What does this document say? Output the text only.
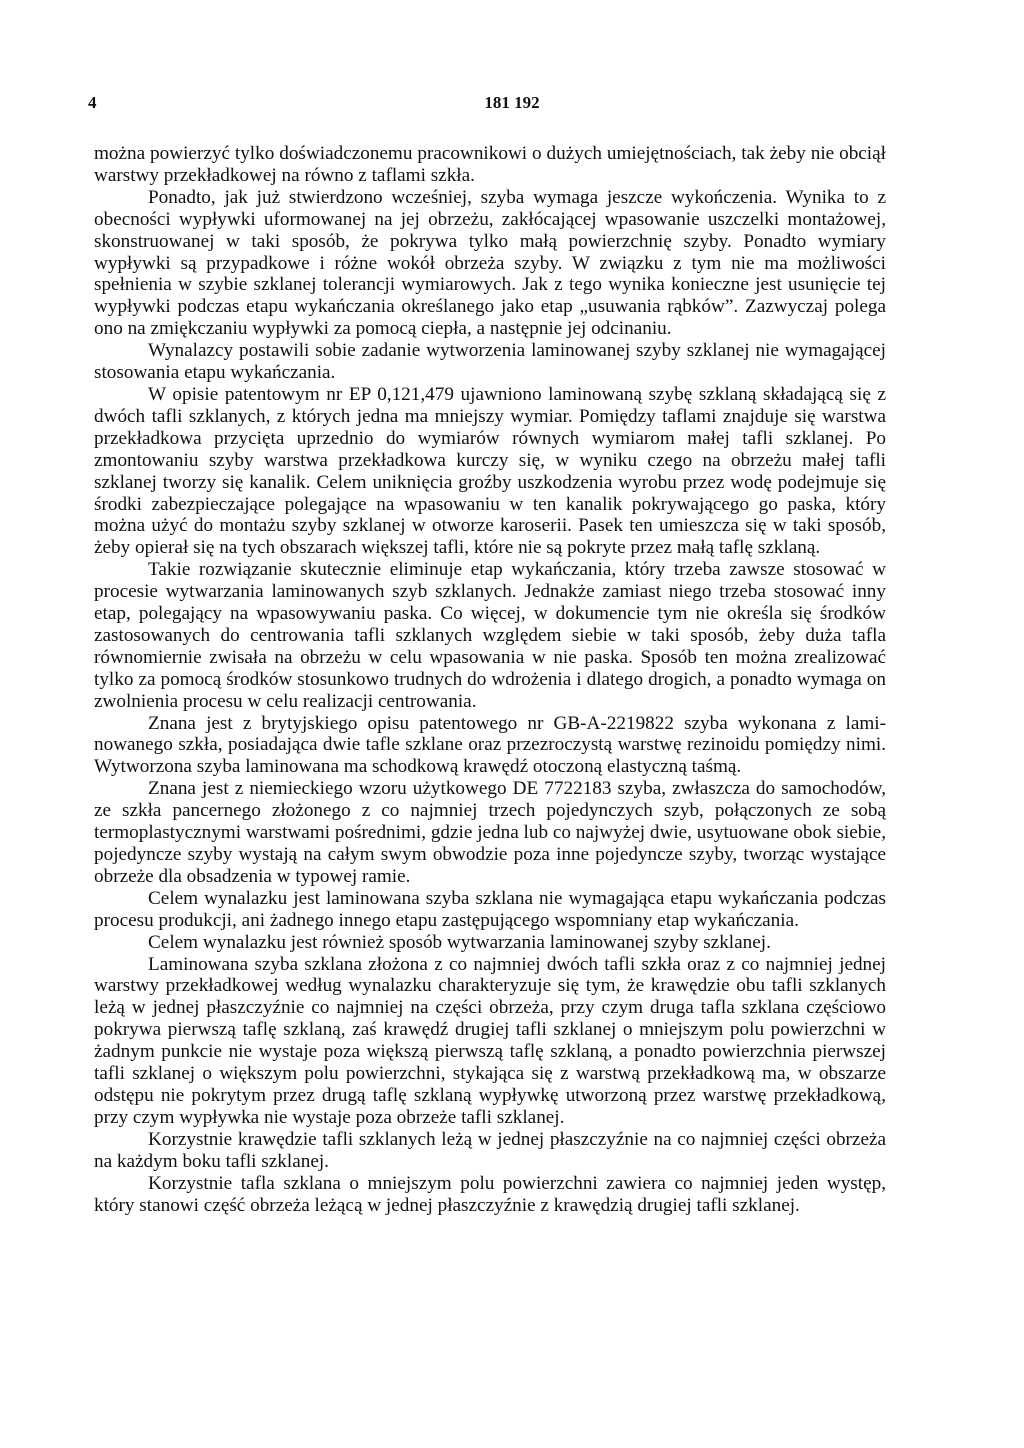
4	181 192

można powierzyć tylko doświadczonemu pracownikowi o dużych umiejętnościach, tak żeby nie obciął warstwy przekładkowej na równo z taflami szkła.

Ponadto, jak już stwierdzono wcześniej, szyba wymaga jeszcze wykończenia. Wynika to z obecności wypływki uformowanej na jej obrzeżu, zakłócającej wpasowanie uszczelki montażowej, skonstruowanej w taki sposób, że pokrywa tylko małą powierzchnię szyby. Ponadto wymiary wypływki są przypadkowe i różne wokół obrzeża szyby. W związku z tym nie ma możliwości spełnienia w szybie szklanej tolerancji wymiarowych. Jak z tego wynika konieczne jest usunięcie tej wypływki podczas etapu wykańczania określanego jako etap „usuwania rąbków”. Zazwyczaj polega ono na zmiękczaniu wypływki za pomocą ciepła, a następnie jej odcinaniu.

Wynalazcy postawili sobie zadanie wytworzenia laminowanej szyby szklanej nie wymagającej stosowania etapu wykańczania.

W opisie patentowym nr EP 0,121,479 ujawniono laminowaną szybę szklaną składającą się z dwóch tafli szklanych, z których jedna ma mniejszy wymiar. Pomiędzy taflami znajduje się warstwa przekładkowa przycięta uprzednio do wymiarów równych wymiarom małej tafli szklanej. Po zmontowaniu szyby warstwa przekładkowa kurczy się, w wyniku czego na obrzeżu małej tafli szklanej tworzy się kanalik. Celem uniknięcia groźby uszkodzenia wyrobu przez wodę podejmuje się środki zabezpieczające polegające na wpasowaniu w ten kanalik pokrywającego go paska, który można użyć do montażu szyby szklanej w otworze karoserii. Pasek ten umieszcza się w taki sposób, żeby opierał się na tych obszarach większej tafli, które nie są pokryte przez małą taflę szklaną.

Takie rozwiązanie skutecznie eliminuje etap wykańczania, który trzeba zawsze stosować w procesie wytwarzania laminowanych szyb szklanych. Jednakże zamiast niego trzeba stosować inny etap, polegający na wpasowywaniu paska. Co więcej, w dokumencie tym nie określa się środków zastosowanych do centrowania tafli szklanych względem siebie w taki sposób, żeby duża tafla równomiernie zwisała na obrzeżu w celu wpasowania w nie paska. Sposób ten można zrealizować tylko za pomocą środków stosunkowo trudnych do wdrożenia i dlatego drogich, a ponadto wymaga on zwolnienia procesu w celu realizacji centrowania.

Znana jest z brytyjskiego opisu patentowego nr GB-A-2219822 szyba wykonana z laminowanego szkła, posiadająca dwie tafle szklane oraz przezroczystą warstwę rezinoidu pomiędzy nimi. Wytworzona szyba laminowana ma schodkową krawędź otoczoną elastyczną taśmą.

Znana jest z niemieckiego wzoru użytkowego DE 7722183 szyba, zwłaszcza do samochodów, ze szkła pancernego złożonego z co najmniej trzech pojedynczych szyb, połączonych ze sobą termoplastycznymi warstwami pośrednimi, gdzie jedna lub co najwyżej dwie, usytuowane obok siebie, pojedyncze szyby wystają na całym swym obwodzie poza inne pojedyncze szyby, tworząc wystające obrzeże dla obsadzenia w typowej ramie.

Celem wynalazku jest laminowana szyba szklana nie wymagająca etapu wykańczania podczas procesu produkcji, ani żadnego innego etapu zastępującego wspomniany etap wykańczania.

Celem wynalazku jest również sposób wytwarzania laminowanej szyby szklanej.

Laminowana szyba szklana złożona z co najmniej dwóch tafli szkła oraz z co najmniej jednej warstwy przekładkowej według wynalazku charakteryzuje się tym, że krawędzie obu tafli szklanych leżą w jednej płaszczyźnie co najmniej na części obrzeża, przy czym druga tafla szklana częściowo pokrywa pierwszą taflę szklaną, zaś krawędź drugiej tafli szklanej o mniejszym polu powierzchni w żadnym punkcie nie wystaje poza większą pierwszą taflę szklaną, a ponadto powierzchnia pierwszej tafli szklanej o większym polu powierzchni, stykająca się z warstwą przekładkową ma, w obszarze odstępu nie pokrytym przez drugą taflę szklaną wypływkę utworzoną przez warstwę przekładkową, przy czym wypływka nie wystaje poza obrzeże tafli szklanej.

Korzystnie krawędzie tafli szklanych leżą w jednej płaszczyźnie na co najmniej części obrzeża na każdym boku tafli szklanej.

Korzystnie tafla szklana o mniejszym polu powierzchni zawiera co najmniej jeden występ, który stanowi część obrzeża leżącą w jednej płaszczyźnie z krawędzią drugiej tafli szklanej.
